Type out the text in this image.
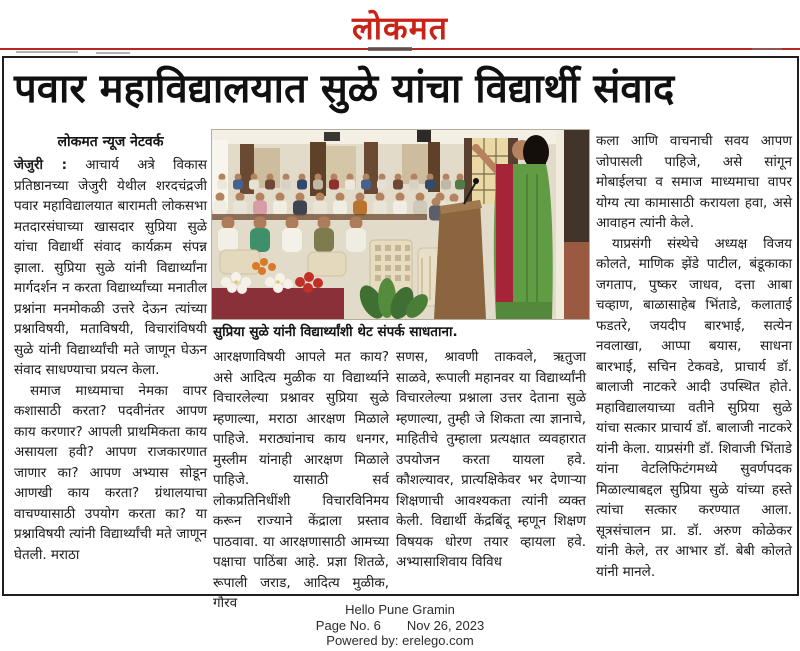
लोकमत
पवार महाविद्यालयात सुळे यांचा विद्यार्थी संवाद
लोकमत न्यूज नेटवर्क

जेजुरी : आचार्य अत्रे विकास प्रतिष्ठानच्या जेजुरी येथील शरदचंद्रजी पवार महाविद्यालयात बारामती लोकसभा मतदारसंघाच्या खासदार सुप्रिया सुळे यांचा विद्यार्थी संवाद कार्यक्रम संपन्न झाला. सुप्रिया सुळे यांनी विद्यार्थ्यांना मार्गदर्शन न करता विद्यार्थ्यांच्या मनातील प्रश्नांना मनमोकळी उत्तरे देऊन त्यांच्या प्रश्नाविषयी, मताविषयी, विचारांविषयी सुळे यांनी विद्यार्थ्यांची मते जाणून घेऊन संवाद साधण्याचा प्रयत्न केला.

समाज माध्यमाचा नेमका वापर कशासाठी करता? पदवीनंतर आपण काय करणार? आपली प्राथमिकता काय असायला हवी? आपण राजकारणात जाणार का? आपण अभ्यास सोडून आणखी काय करता? ग्रंथालयाचा वाचण्यासाठी उपयोग करता का? या प्रश्नाविषयी त्यांनी विद्यार्थ्यांची मते जाणून घेतली. मराठा

सुप्रिया सुळे यांनी विद्यार्थ्यांशी थेट संपर्क साधताना.

आरक्षणाविषयी आपले मत काय? असे आदित्य मुळीक या विद्यार्थ्याने विचारलेल्या प्रश्नावर सुप्रिया सुळे म्हणाल्या, मराठा आरक्षण मिळाले पाहिजे. मराठ्यांनाच काय धनगर, मुस्लीम यांनाही आरक्षण मिळाले पाहिजे. यासाठी सर्व लोकप्रतिनिधींशी विचारविनिमय करून राज्याने केंद्राला प्रस्ताव पाठवावा. या आरक्षणासाठी आमच्या पक्षाचा पाठिंबा आहे. प्रज्ञा शितळे, रूपाली जराड, आदित्य मुळीक, गौरव

सणस, श्रावणी ताकवले, ऋतुजा साळवे, रूपाली महानवर या विद्यार्थ्यांनी विचारलेल्या प्रश्नाला उत्तर देताना सुळे म्हणाल्या, तुम्ही जे शिकता त्या ज्ञानाचे, माहितीचे तुम्हाला प्रत्यक्षात व्यवहारात उपयोजन करता यायला हवे. कौशल्यावर, प्रात्यक्षिकेवर भर देणाऱ्या शिक्षणाची आवश्यकता त्यांनी व्यक्त केली. विद्यार्थी केंद्रबिंदू म्हणून शिक्षण विषयक धोरण तयार व्हायला हवे. अभ्यासाशिवाय विविध

कला आणि वाचनाची सवय आपण जोपासली पाहिजे, असे सांगून मोबाईलचा व समाज माध्यमाचा वापर योग्य त्या कामासाठी करायला हवा, असे आवाहन त्यांनी केले.

याप्रसंगी संस्थेचे अध्यक्ष विजय कोलते, माणिक झेंडे पाटील, बंडूकाका जगताप, पुष्कर जाधव, दत्ता आबा चव्हाण, बाळासाहेब भिंताडे, कलाताई फडतरे, जयदीप बारभाई, सत्येन नवलाखा, आप्पा बयास, साधना बारभाई, सचिन टेकवडे, प्राचार्य डॉ. बालाजी नाटकरे आदी उपस्थित होते. महाविद्यालयाच्या वतीने सुप्रिया सुळे यांचा सत्कार प्राचार्य डॉ. बालाजी नाटकरे यांनी केला. याप्रसंगी डॉ. शिवाजी भिंताडे यांना वेटलिफिटंगमध्ये सुवर्णपदक मिळाल्याबद्दल सुप्रिया सुळे यांच्या हस्ते त्यांचा सत्कार करण्यात आला. सूत्रसंचालन प्रा. डॉ. अरुण कोळेकर यांनी केले, तर आभार डॉ. बेबी कोलते यांनी मानले.

Hello Pune Gramin
Page No. 6 Nov 26, 2023
Powered by: erelego.com
